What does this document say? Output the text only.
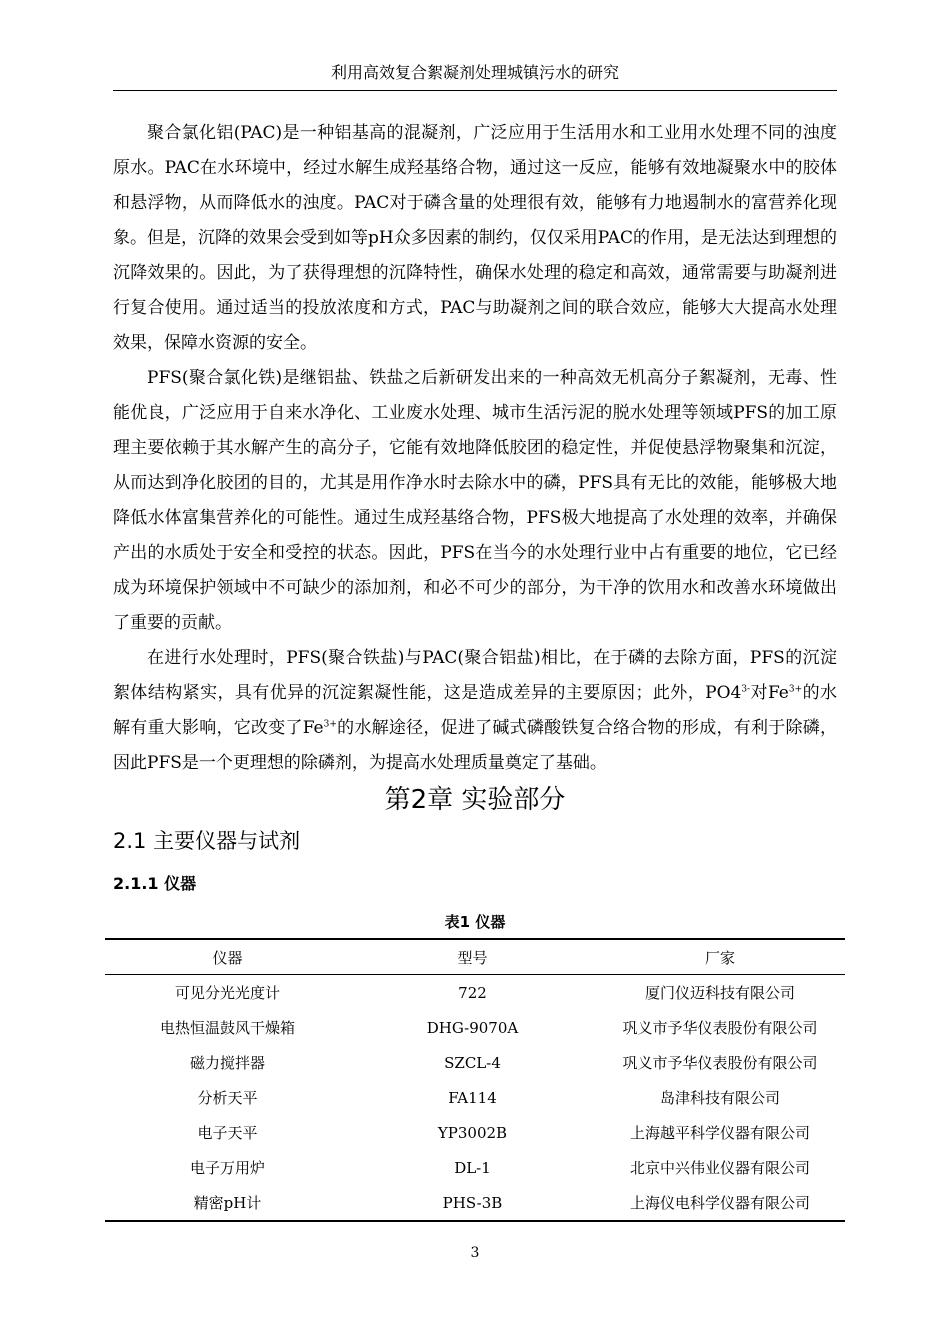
利用高效复合絮凝剂处理城镇污水的研究

聚合氯化铝(PAC)是一种铝基高的混凝剂，广泛应用于生活用水和工业用水处理不同的浊度原水。PAC在水环境中，经过水解生成羟基络合物，通过这一反应，能够有效地凝聚水中的胶体和悬浮物，从而降低水的浊度。PAC对于磷含量的处理很有效，能够有力地遏制水的富营养化现象。但是，沉降的效果会受到如等pH众多因素的制约，仅仅采用PAC的作用，是无法达到理想的沉降效果的。因此，为了获得理想的沉降特性，确保水处理的稳定和高效，通常需要与助凝剂进行复合使用。通过适当的投放浓度和方式，PAC与助凝剂之间的联合效应，能够大大提高水处理效果，保障水资源的安全。

PFS(聚合氯化铁)是继铝盐、铁盐之后新研发出来的一种高效无机高分子絮凝剂，无毒、性能优良，广泛应用于自来水净化、工业废水处理、城市生活污泥的脱水处理等领域PFS的加工原理主要依赖于其水解产生的高分子，它能有效地降低胶团的稳定性，并促使悬浮物聚集和沉淀，从而达到净化胶团的目的，尤其是用作净水时去除水中的磷，PFS具有无比的效能，能够极大地降低水体富集营养化的可能性。通过生成羟基络合物，PFS极大地提高了水处理的效率，并确保产出的水质处于安全和受控的状态。因此，PFS在当今的水处理行业中占有重要的地位，它已经成为环境保护领域中不可缺少的添加剂，和必不可少的部分，为干净的饮用水和改善水环境做出了重要的贡献。

在进行水处理时，PFS(聚合铁盐)与PAC(聚合铝盐)相比，在于磷的去除方面，PFS的沉淀絮体结构紧实，具有优异的沉淀絮凝性能，这是造成差异的主要原因；此外，$PO4^{3-}$对$Fe^{3+}$的水解有重大影响，它改变了$Fe^{3+}$的水解途径，促进了碱式磷酸铁复合络合物的形成，有利于除磷，因此PFS是一个更理想的除磷剂，为提高水处理质量奠定了基础。

第2章 实验部分
2.1 主要仪器与试剂
2.1.1 仪器
表1 仪器
仪器	型号	厂家
可见分光光度计	722	厦门仪迈科技有限公司
电热恒温鼓风干燥箱	DHG-9070A	巩义市予华仪表股份有限公司
磁力搅拌器	SZCL-4	巩义市予华仪表股份有限公司
分析天平	FA114	岛津科技有限公司
电子天平	YP3002B	上海越平科学仪器有限公司
电子万用炉	DL-1	北京中兴伟业仪器有限公司
精密pH计	PHS-3B	上海仪电科学仪器有限公司
3
